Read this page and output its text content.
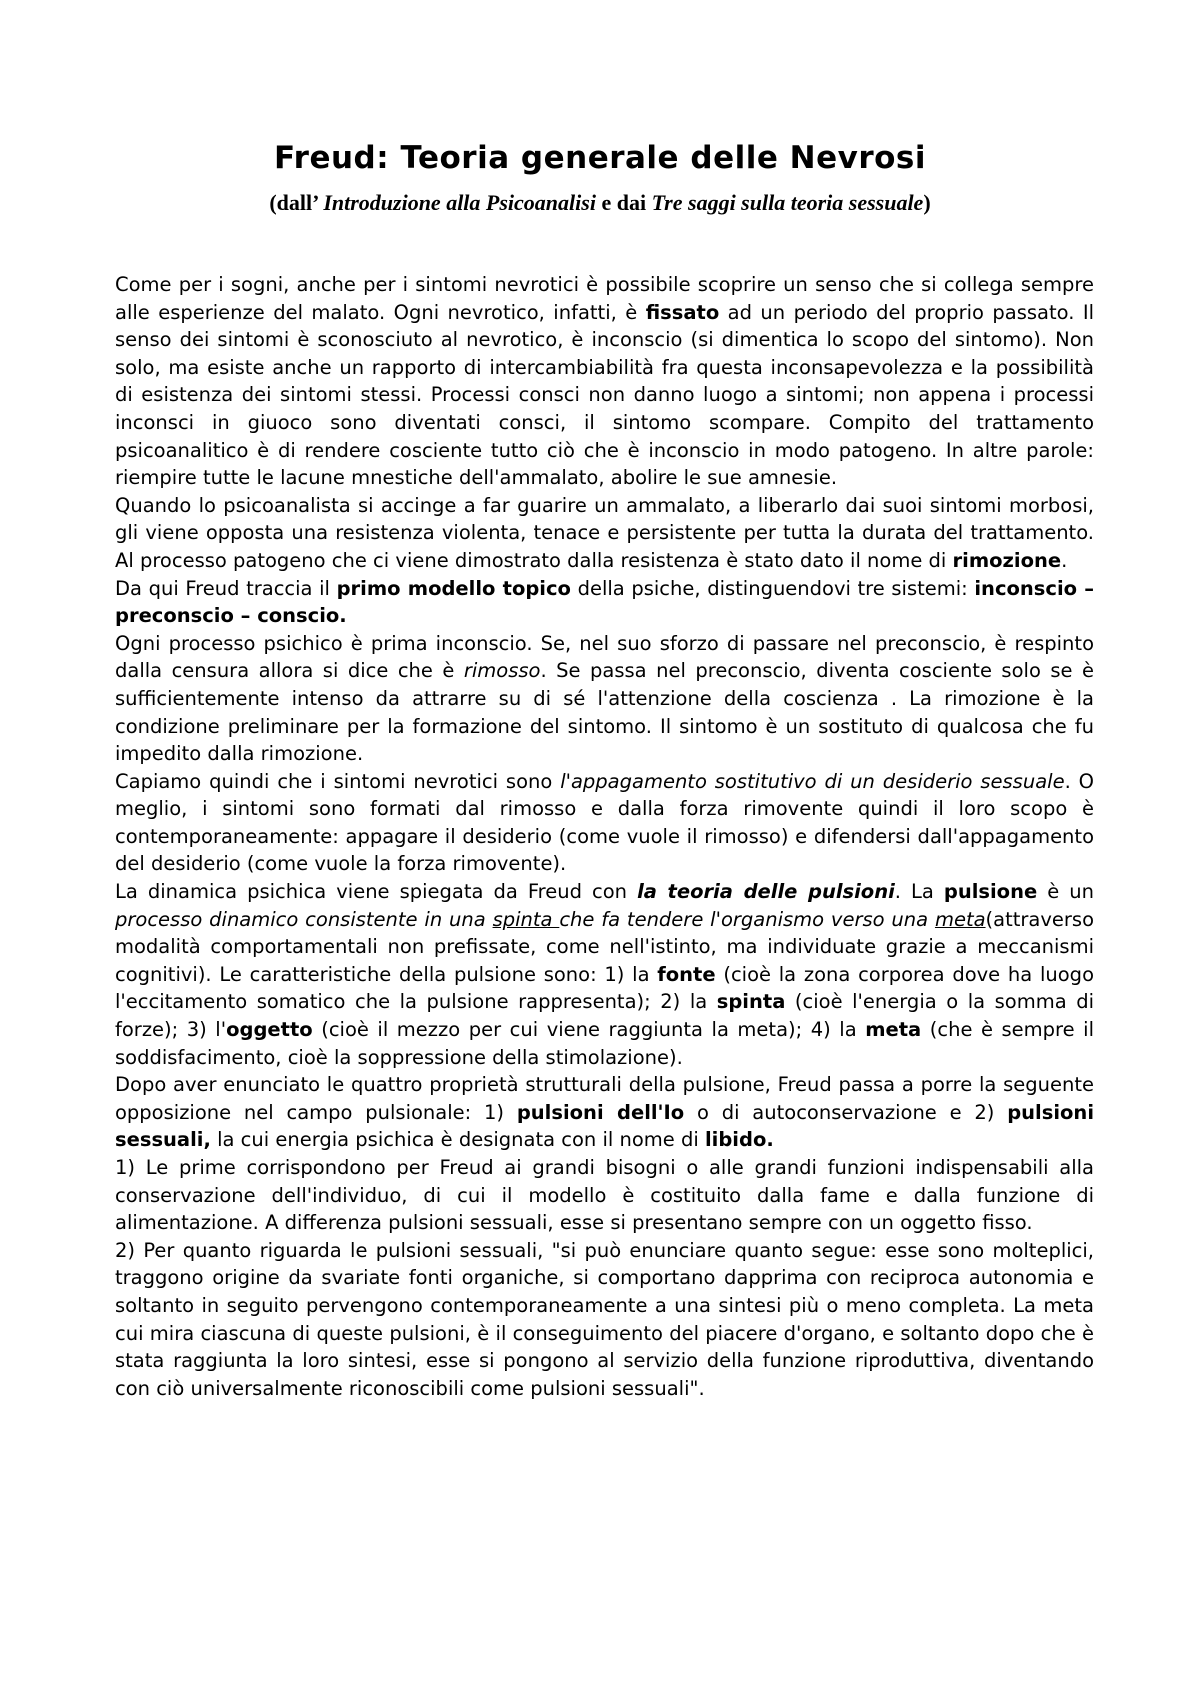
Freud: Teoria generale delle Nevrosi
(dall’ Introduzione alla Psicoanalisi e dai Tre saggi sulla teoria sessuale)

Come per i sogni, anche per i sintomi nevrotici è possibile scoprire un senso che si collega sempre alle esperienze del malato. Ogni nevrotico, infatti, è fissato ad un periodo del proprio passato. Il senso dei sintomi è sconosciuto al nevrotico, è inconscio (si dimentica lo scopo del sintomo). Non solo, ma esiste anche un rapporto di intercambiabilità fra questa inconsapevolezza e la possibilità di esistenza dei sintomi stessi. Processi consci non danno luogo a sintomi; non appena i processi inconsci in giuoco sono diventati consci, il sintomo scompare. Compito del trattamento psicoanalitico è di rendere cosciente tutto ciò che è inconscio in modo patogeno. In altre parole: riempire tutte le lacune mnestiche dell'ammalato, abolire le sue amnesie.

Quando lo psicoanalista si accinge a far guarire un ammalato, a liberarlo dai suoi sintomi morbosi, gli viene opposta una resistenza violenta, tenace e persistente per tutta la durata del trattamento. Al processo patogeno che ci viene dimostrato dalla resistenza è stato dato il nome di rimozione.

Da qui Freud traccia il primo modello topico della psiche, distinguendovi tre sistemi: inconscio – preconscio – conscio.

Ogni processo psichico è prima inconscio. Se, nel suo sforzo di passare nel preconscio, è respinto dalla censura allora si dice che è rimosso. Se passa nel preconscio, diventa cosciente solo se è sufficientemente intenso da attrarre su di sé l'attenzione della coscienza . La rimozione è la condizione preliminare per la formazione del sintomo. Il sintomo è un sostituto di qualcosa che fu impedito dalla rimozione.

Capiamo quindi che i sintomi nevrotici sono l'appagamento sostitutivo di un desiderio sessuale. O meglio, i sintomi sono formati dal rimosso e dalla forza rimovente quindi il loro scopo è contemporaneamente: appagare il desiderio (come vuole il rimosso) e difendersi dall'appagamento del desiderio (come vuole la forza rimovente).

La dinamica psichica viene spiegata da Freud con la teoria delle pulsioni. La pulsione è un processo dinamico consistente in una spinta che fa tendere l'organismo verso una meta(attraverso modalità comportamentali non prefissate, come nell'istinto, ma individuate grazie a meccanismi cognitivi). Le caratteristiche della pulsione sono: 1) la fonte (cioè la zona corporea dove ha luogo l'eccitamento somatico che la pulsione rappresenta); 2) la spinta (cioè l'energia o la somma di forze); 3) l'oggetto (cioè il mezzo per cui viene raggiunta la meta); 4) la meta (che è sempre il soddisfacimento, cioè la soppressione della stimolazione).

Dopo aver enunciato le quattro proprietà strutturali della pulsione, Freud passa a porre la seguente opposizione nel campo pulsionale: 1) pulsioni dell'Io o di autoconservazione e 2) pulsioni sessuali, la cui energia psichica è designata con il nome di libido.

1) Le prime corrispondono per Freud ai grandi bisogni o alle grandi funzioni indispensabili alla conservazione dell'individuo, di cui il modello è costituito dalla fame e dalla funzione di alimentazione. A differenza pulsioni sessuali, esse si presentano sempre con un oggetto fisso.

2) Per quanto riguarda le pulsioni sessuali, "si può enunciare quanto segue: esse sono molteplici, traggono origine da svariate fonti organiche, si comportano dapprima con reciproca autonomia e soltanto in seguito pervengono contemporaneamente a una sintesi più o meno completa. La meta cui mira ciascuna di queste pulsioni, è il conseguimento del piacere d'organo, e soltanto dopo che è stata raggiunta la loro sintesi, esse si pongono al servizio della funzione riproduttiva, diventando con ciò universalmente riconoscibili come pulsioni sessuali".
